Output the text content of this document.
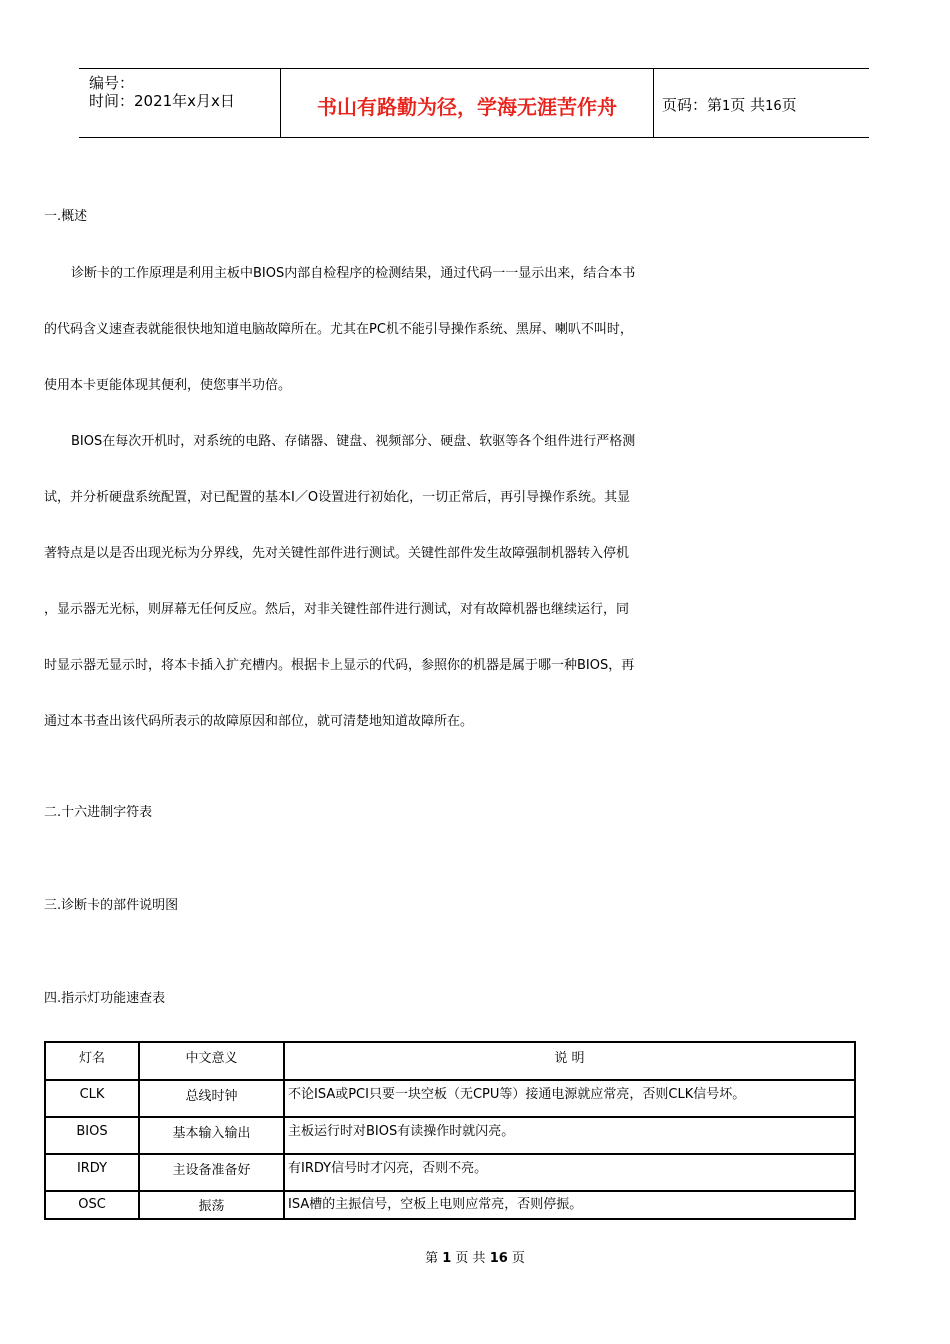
编号：
时间：2021年x月x日	书山有路勤为径，学海无涯苦作舟	页码：第1页 共16页
一.概述
诊断卡的工作原理是利用主板中BIOS内部自检程序的检测结果，通过代码一一显示出来，结合本书
的代码含义速查表就能很快地知道电脑故障所在。尤其在PC机不能引导操作系统、黑屏、喇叭不叫时，
使用本卡更能体现其便利，使您事半功倍。
BIOS在每次开机时，对系统的电路、存储器、键盘、视频部分、硬盘、软驱等各个组件进行严格测
试，并分析硬盘系统配置，对已配置的基本I／O设置进行初始化，一切正常后，再引导操作系统。其显
著特点是以是否出现光标为分界线，先对关键性部件进行测试。关键性部件发生故障强制机器转入停机
，显示器无光标，则屏幕无任何反应。然后，对非关键性部件进行测试，对有故障机器也继续运行，同
时显示器无显示时，将本卡插入扩充槽内。根据卡上显示的代码，参照你的机器是属于哪一种BIOS，再
通过本书查出该代码所表示的故障原因和部位，就可清楚地知道故障所在。
二.十六进制字符表
三.诊断卡的部件说明图
四.指示灯功能速查表
灯名	中文意义	说 明
CLK	总线时钟	不论ISA或PCI只要一块空板（无CPU等）接通电源就应常亮，否则CLK信号坏。
BIOS	基本输入输出	主板运行时对BIOS有读操作时就闪亮。
IRDY	主设备准备好	有IRDY信号时才闪亮，否则不亮。
OSC	振荡	ISA槽的主振信号，空板上电则应常亮，否则停振。
第 1 页 共 16 页
